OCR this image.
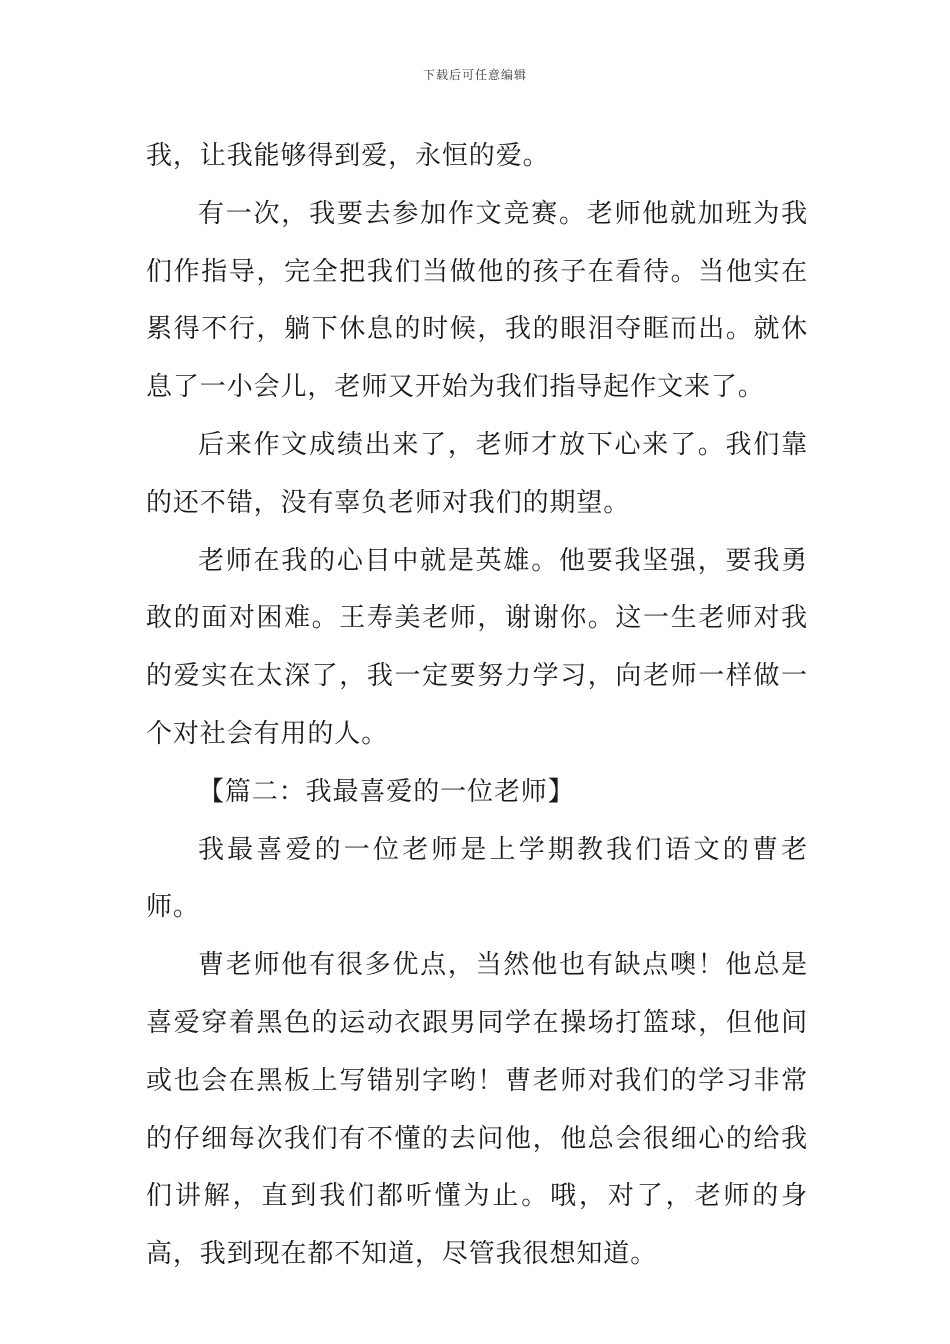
下载后可任意编辑

我，让我能够得到爱，永恒的爱。

有一次，我要去参加作文竞赛。老师他就加班为我们作指导，完全把我们当做他的孩子在看待。当他实在累得不行，躺下休息的时候，我的眼泪夺眶而出。就休息了一小会儿，老师又开始为我们指导起作文来了。

后来作文成绩出来了，老师才放下心来了。我们靠的还不错，没有辜负老师对我们的期望。

老师在我的心目中就是英雄。他要我坚强，要我勇敢的面对困难。王寿美老师，谢谢你。这一生老师对我的爱实在太深了，我一定要努力学习，向老师一样做一个对社会有用的人。

【篇二：我最喜爱的一位老师】

我最喜爱的一位老师是上学期教我们语文的曹老师。

曹老师他有很多优点，当然他也有缺点噢！他总是喜爱穿着黑色的运动衣跟男同学在操场打篮球，但他间或也会在黑板上写错别字哟！曹老师对我们的学习非常的仔细每次我们有不懂的去问他，他总会很细心的给我们讲解，直到我们都听懂为止。哦，对了，老师的身高，我到现在都不知道，尽管我很想知道。
